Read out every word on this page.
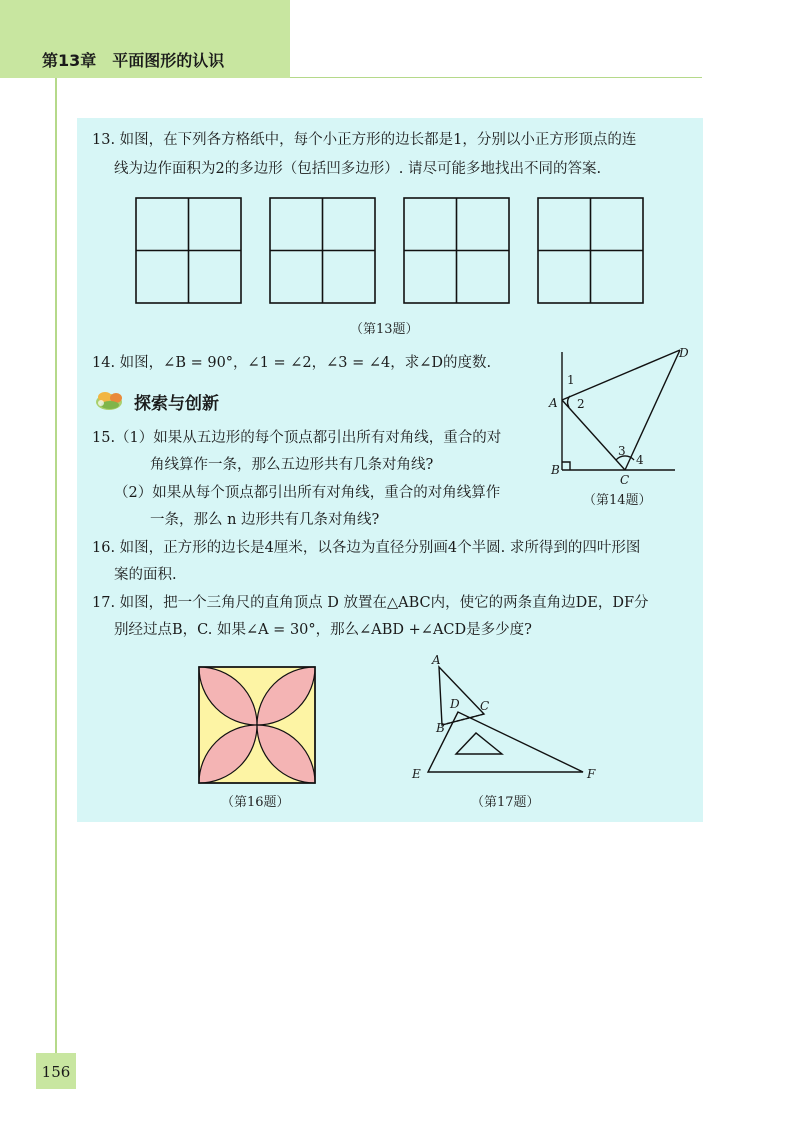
第13章　平面图形的认识
13. 如图，在下列各方格纸中，每个小正方形的边长都是1，分别以小正方形顶点的连
线为边作面积为2的多边形（包括凹多边形）. 请尽可能多地找出不同的答案.
（第13题）
14. 如图，∠B = 90°，∠1 = ∠2，∠3 = ∠4，求∠D的度数.
A
B
C
D
1
2
3
4
（第14题）
探索与创新
15.（1）如果从五边形的每个顶点都引出所有对角线，重合的对
角线算作一条，那么五边形共有几条对角线?
（2）如果从每个顶点都引出所有对角线，重合的对角线算作
一条，那么 n 边形共有几条对角线?
16. 如图，正方形的边长是4厘米，以各边为直径分别画4个半圆. 求所得到的四叶形图
案的面积.
17. 如图，把一个三角尺的直角顶点 D 放置在△ABC内，使它的两条直角边DE，DF分
别经过点B，C. 如果∠A = 30°，那么∠ABD +∠ACD是多少度?
（第16题）
A
B
C
D
E	F
（第17题）
156
